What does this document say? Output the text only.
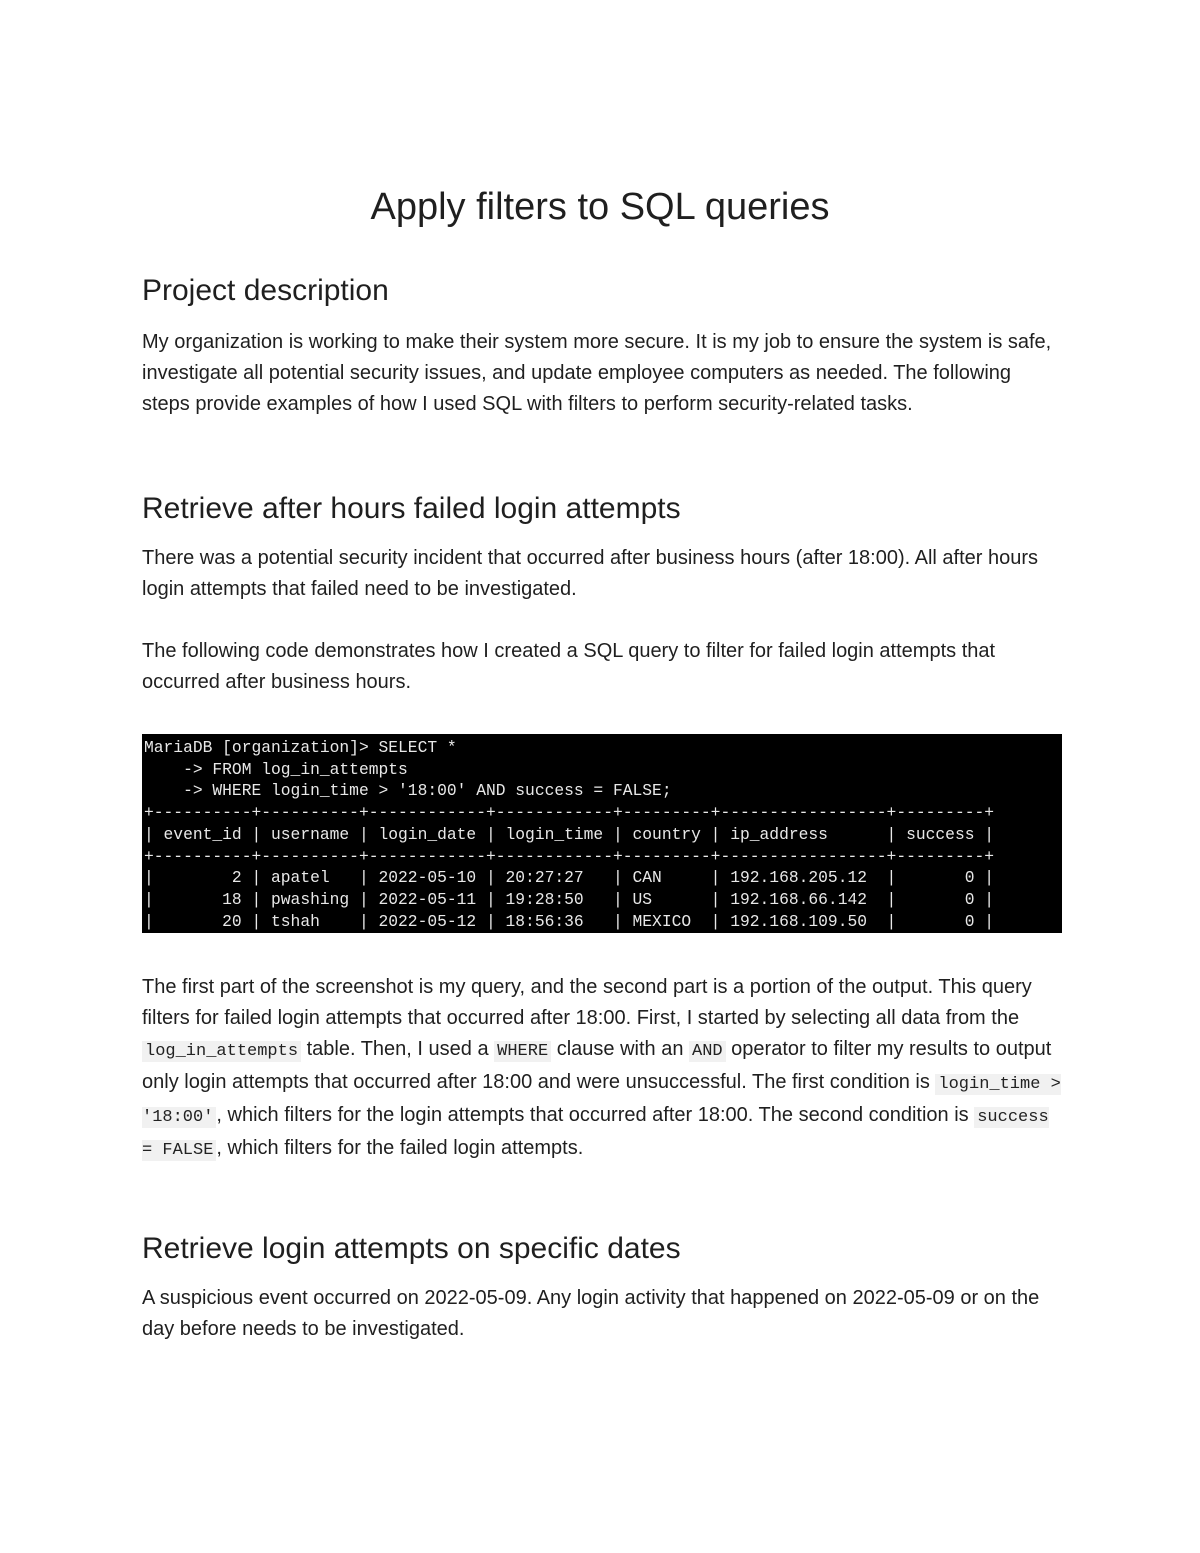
Apply filters to SQL queries
Project description

My organization is working to make their system more secure. It is my job to ensure the system is safe, investigate all potential security issues, and update employee computers as needed. The following steps provide examples of how I used SQL with filters to perform security-related tasks.

Retrieve after hours failed login attempts

There was a potential security incident that occurred after business hours (after 18:00). All after hours login attempts that failed need to be investigated.

The following code demonstrates how I created a SQL query to filter for failed login attempts that occurred after business hours.

MariaDB [organization]> SELECT *
-> FROM log_in_attempts
-> WHERE login_time > '18:00' AND success = FALSE;
+----------+----------+------------+------------+---------+-----------------+---------+
| event_id | username | login_date | login_time | country | ip_address      | success |
+----------+----------+------------+------------+---------+-----------------+---------+
|        2 | apatel   | 2022-05-10 | 20:27:27   | CAN     | 192.168.205.12  |       0 |
|       18 | pwashing | 2022-05-11 | 19:28:50   | US      | 192.168.66.142  |       0 |
|       20 | tshah    | 2022-05-12 | 18:56:36   | MEXICO  | 192.168.109.50  |       0 |

The first part of the screenshot is my query, and the second part is a portion of the output. This query filters for failed login attempts that occurred after 18:00. First, I started by selecting all data from the log_in_attempts table. Then, I used a WHERE clause with an AND operator to filter my results to output only login attempts that occurred after 18:00 and were unsuccessful. The first condition is login_time > '18:00' , which filters for the login attempts that occurred after 18:00. The second condition is success = FALSE , which filters for the failed login attempts.

Retrieve login attempts on specific dates

A suspicious event occurred on 2022-05-09. Any login activity that happened on 2022-05-09 or on the day before needs to be investigated.
